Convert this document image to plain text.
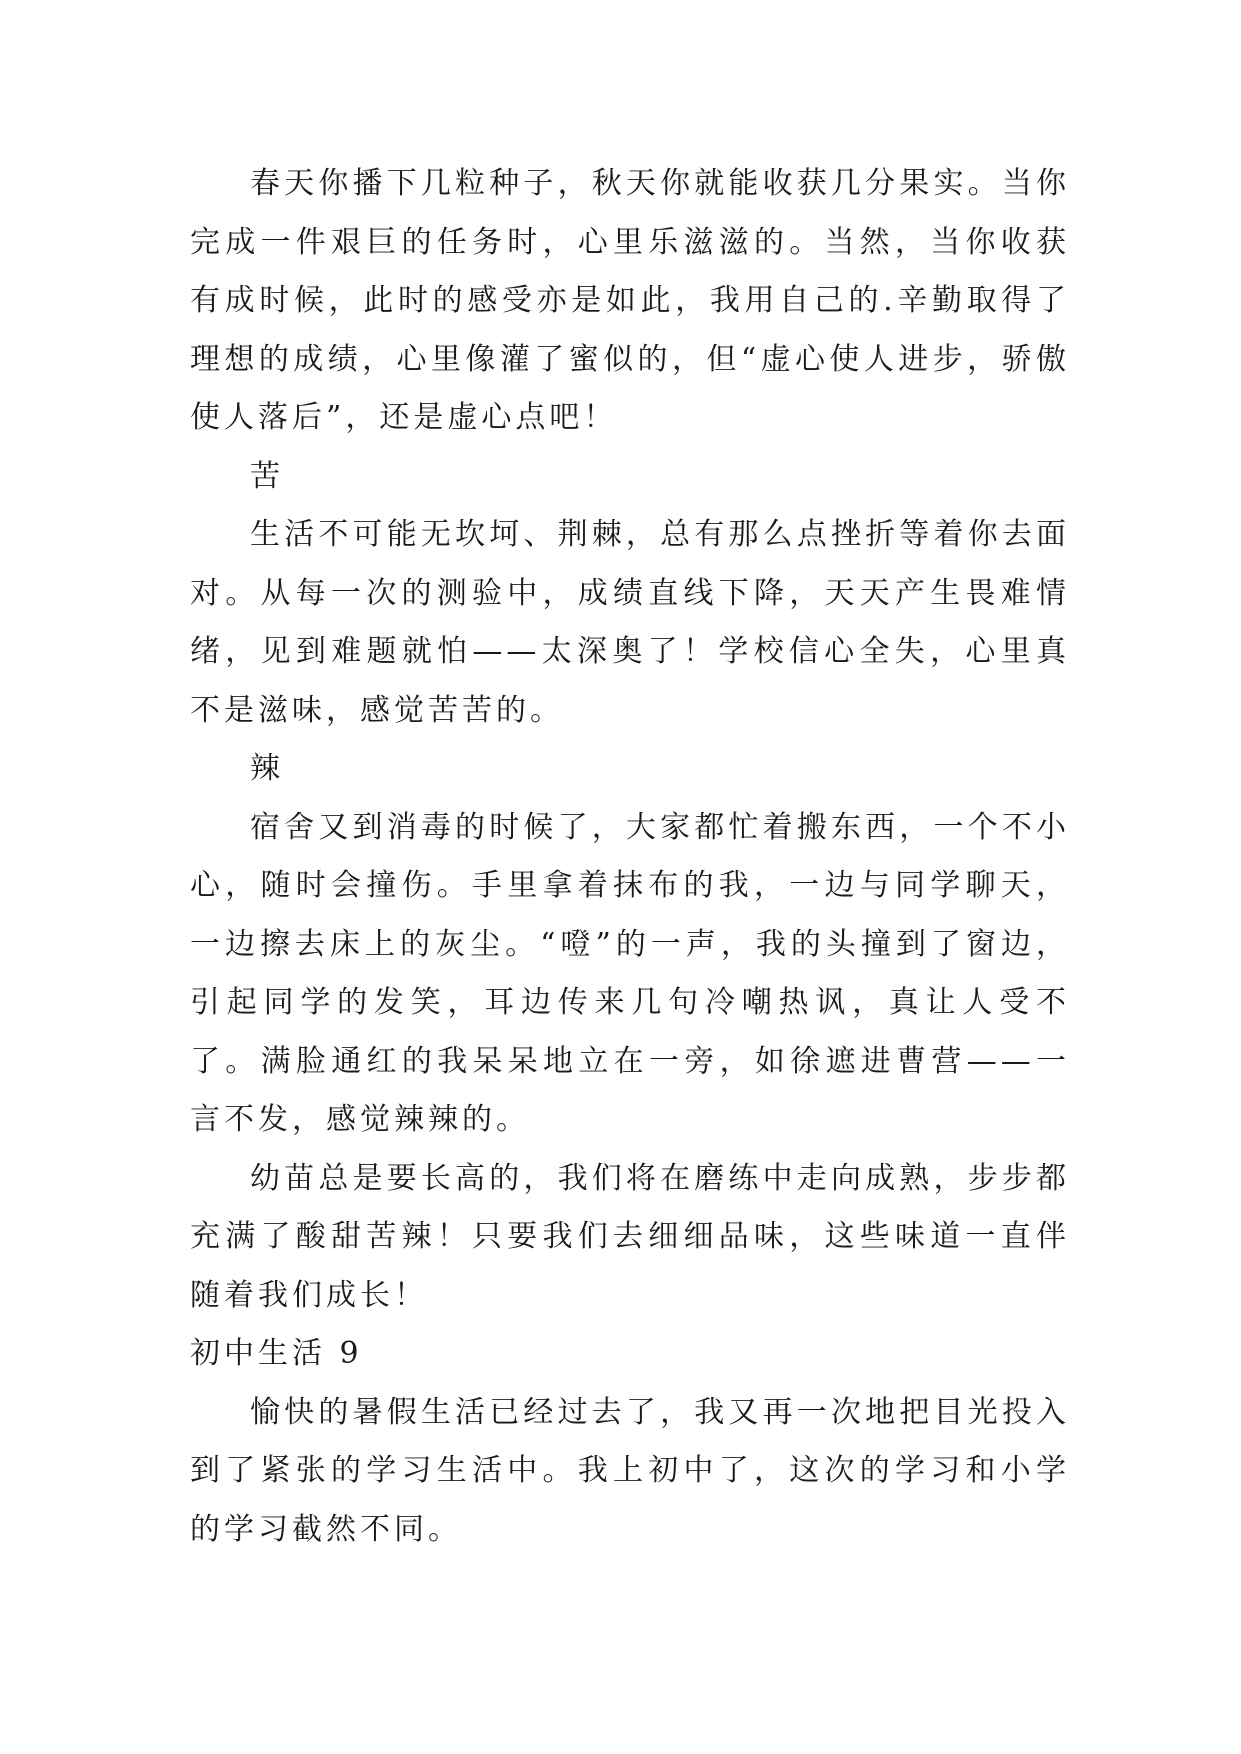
春天你播下几粒种子，秋天你就能收获几分果实。当你完成一件艰巨的任务时，心里乐滋滋的。当然，当你收获有成时候，此时的感受亦是如此，我用自己的.辛勤取得了理想的成绩，心里像灌了蜜似的，但“虚心使人进步，骄傲使人落后”，还是虚心点吧！

苦

生活不可能无坎坷、荆棘，总有那么点挫折等着你去面对。从每一次的测验中，成绩直线下降，天天产生畏难情绪，见到难题就怕——太深奥了！学校信心全失，心里真不是滋味，感觉苦苦的。

辣

宿舍又到消毒的时候了，大家都忙着搬东西，一个不小心，随时会撞伤。手里拿着抹布的我，一边与同学聊天，一边擦去床上的灰尘。“噔”的一声，我的头撞到了窗边，引起同学的发笑，耳边传来几句冷嘲热讽，真让人受不了。满脸通红的我呆呆地立在一旁，如徐遮进曹营——一言不发，感觉辣辣的。

幼苗总是要长高的，我们将在磨练中走向成熟，步步都充满了酸甜苦辣！只要我们去细细品味，这些味道一直伴随着我们成长！

初中生活 9

愉快的暑假生活已经过去了，我又再一次地把目光投入到了紧张的学习生活中。我上初中了，这次的学习和小学的学习截然不同。
